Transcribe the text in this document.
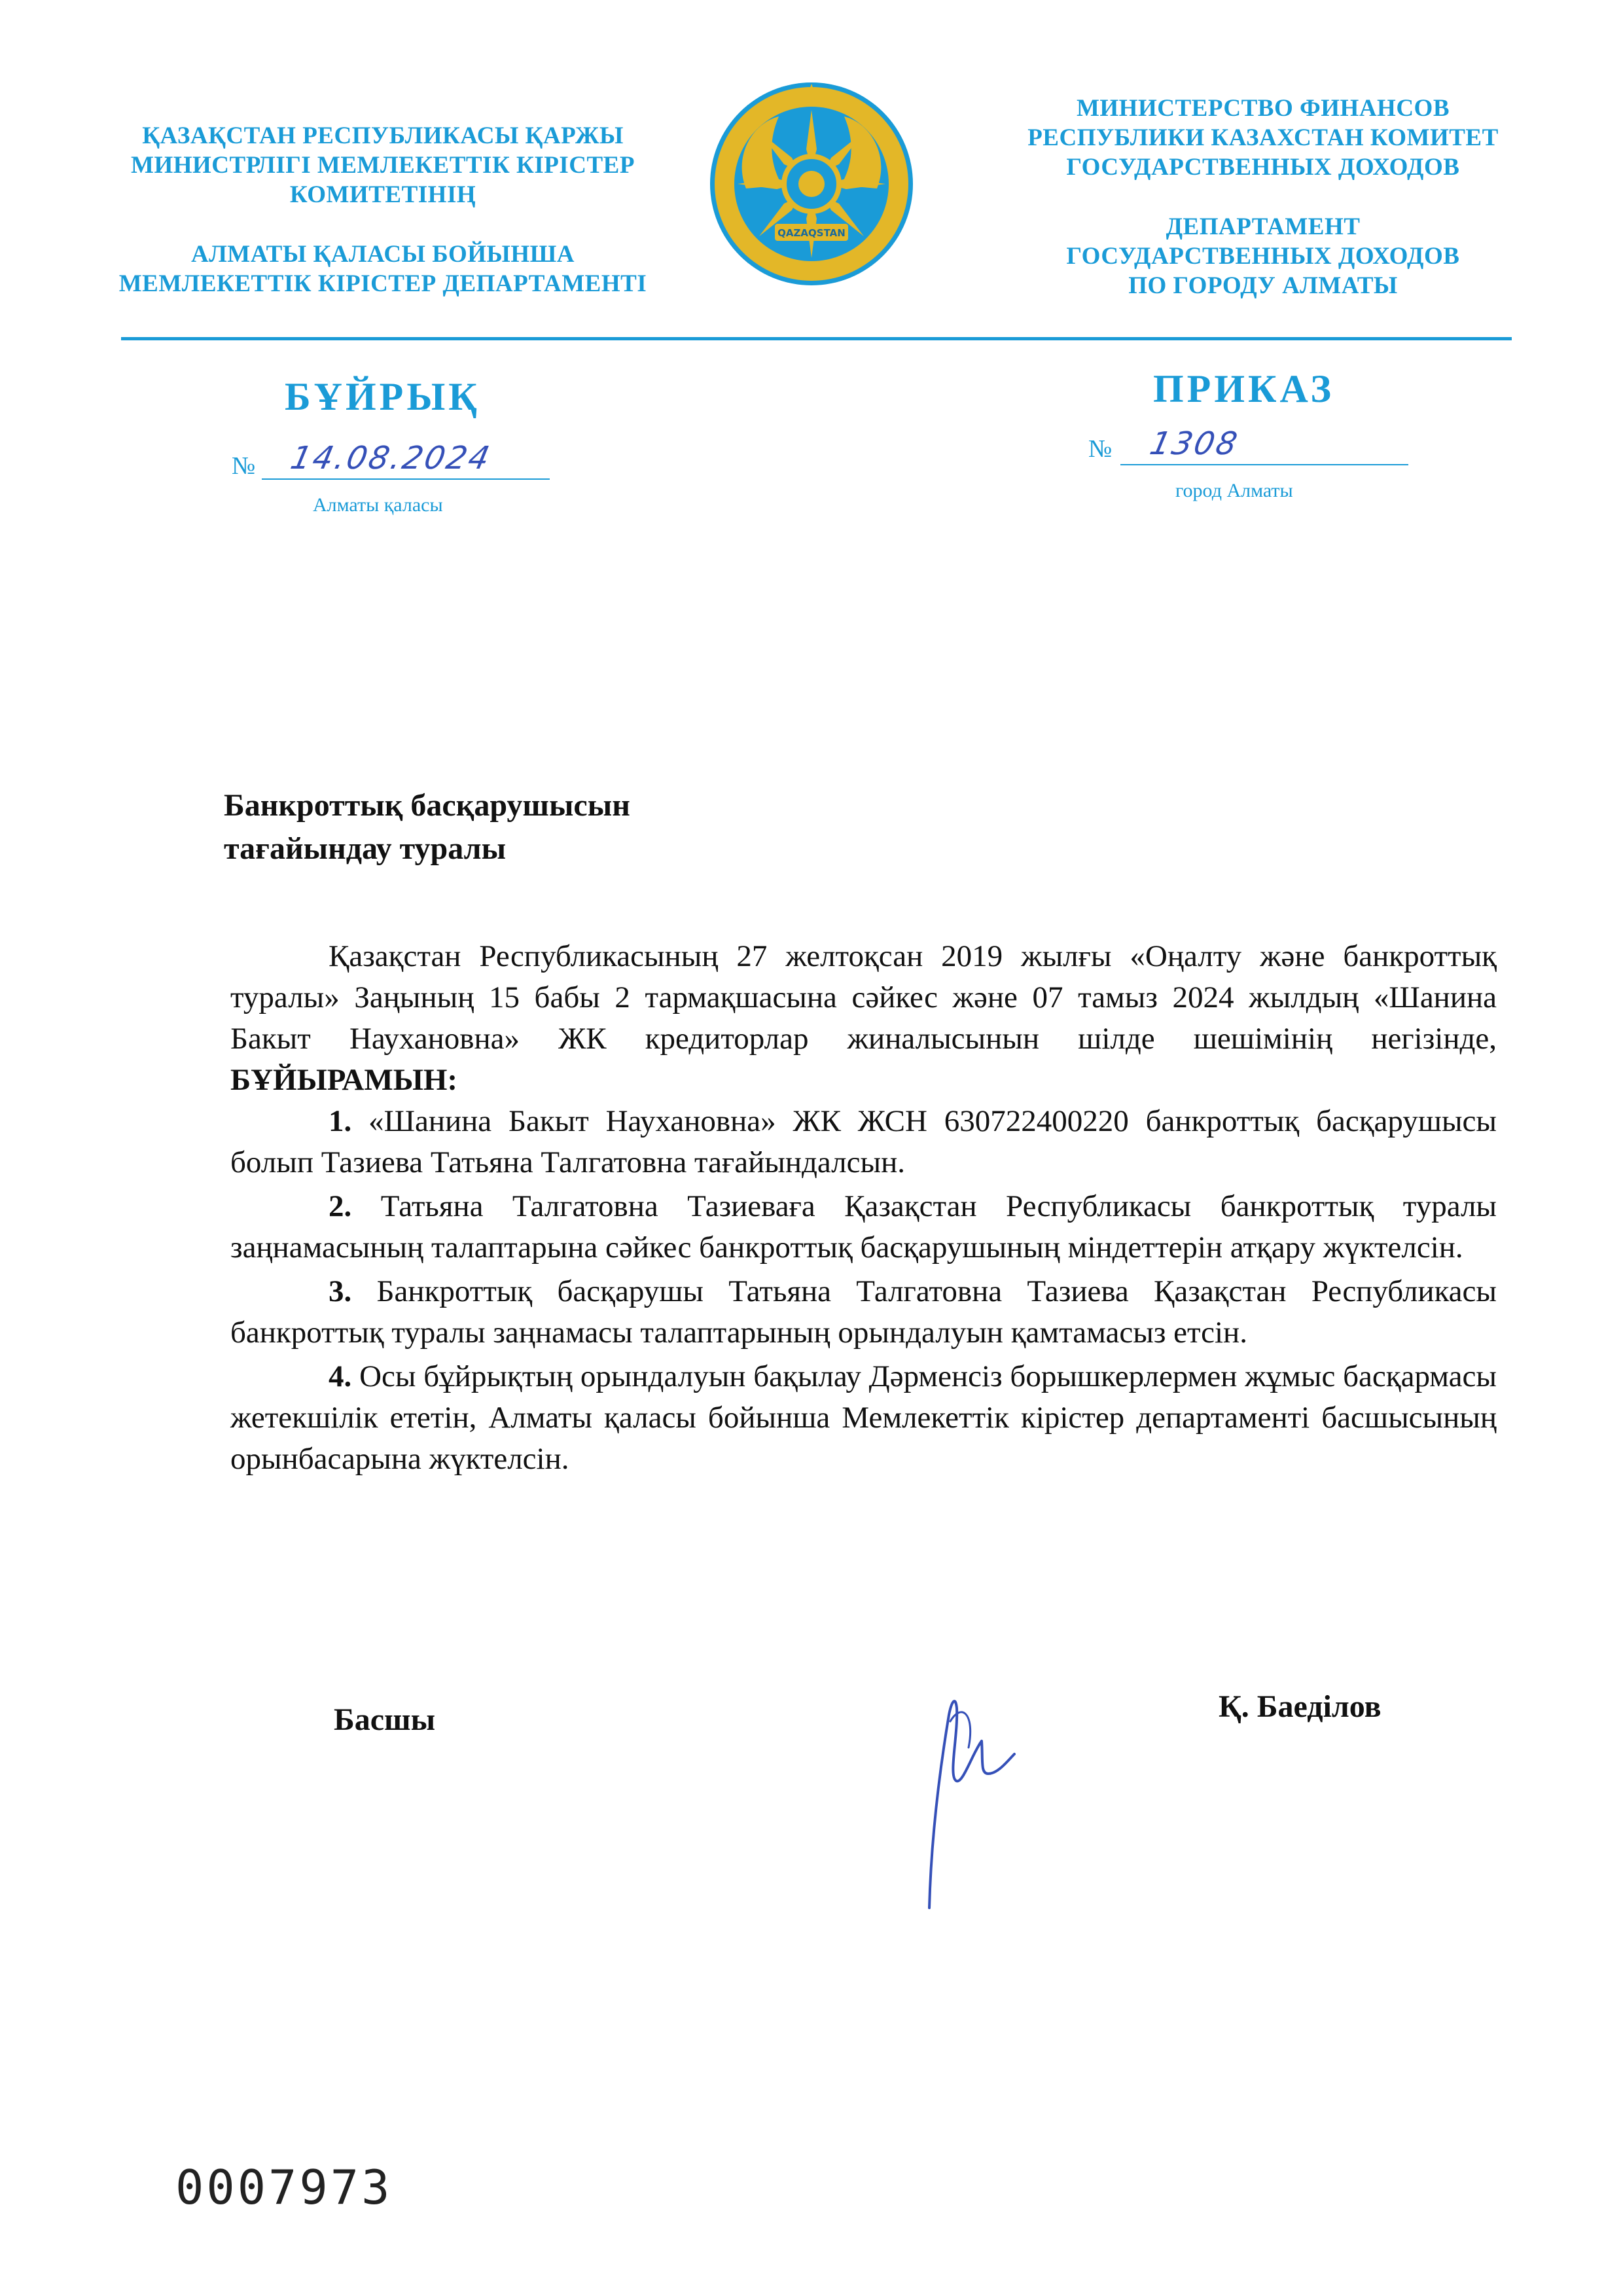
ҚАЗАҚСТАН РЕСПУБЛИКАСЫ ҚАРЖЫ
МИНИСТРЛІГІ МЕМЛЕКЕТТІК КІРІСТЕР
КОМИТЕТІНІҢ
АЛМАТЫ ҚАЛАСЫ БОЙЫНША
МЕМЛЕКЕТТІК КІРІСТЕР ДЕПАРТАМЕНТІ
QAZAQSTAN
МИНИСТЕРСТВО ФИНАНСОВ
РЕСПУБЛИКИ КАЗАХСТАН КОМИТЕТ
ГОСУДАРСТВЕННЫХ ДОХОДОВ
ДЕПАРТАМЕНТ
ГОСУДАРСТВЕННЫХ ДОХОДОВ
ПО ГОРОДУ АЛМАТЫ
БҰЙРЫҚ	ПРИКАЗ
№ 14.08.2024
Алматы қаласы
№ 1308
город Алматы
Банкроттық басқарушысын
тағайындау туралы

Қазақстан Республикасының 27 желтоқсан 2019 жылғы «Оңалту және банкроттық туралы» Заңының 15 бабы 2 тармақшасына сәйкес және 07 тамыз 2024 жылдың «Шанина Бакыт Наухановна» ЖК кредиторлар жиналысынын шілде шешімінің негізінде, БҰЙЫРАМЫН:

1. «Шанина Бакыт Наухановна» ЖК ЖСН 630722400220 банкроттық басқарушысы болып Тазиева Татьяна Талгатовна тағайындалсын.

2. Татьяна Талгатовна Тазиеваға Қазақстан Республикасы банкроттық туралы заңнамасының талаптарына сәйкес банкроттық басқарушының міндеттерін атқару жүктелсін.

3. Банкроттық басқарушы Татьяна Талгатовна Тазиева Қазақстан Республикасы банкроттық туралы заңнамасы талаптарының орындалуын қамтамасыз етсін.

4. Осы бұйрықтың орындалуын бақылау Дәрменсіз борышкерлермен жұмыс басқармасы жетекшілік ететін, Алматы қаласы бойынша Мемлекеттік кірістер департаменті басшысының орынбасарына жүктелсін.

Басшы	Қ. Баеділов
0007973
